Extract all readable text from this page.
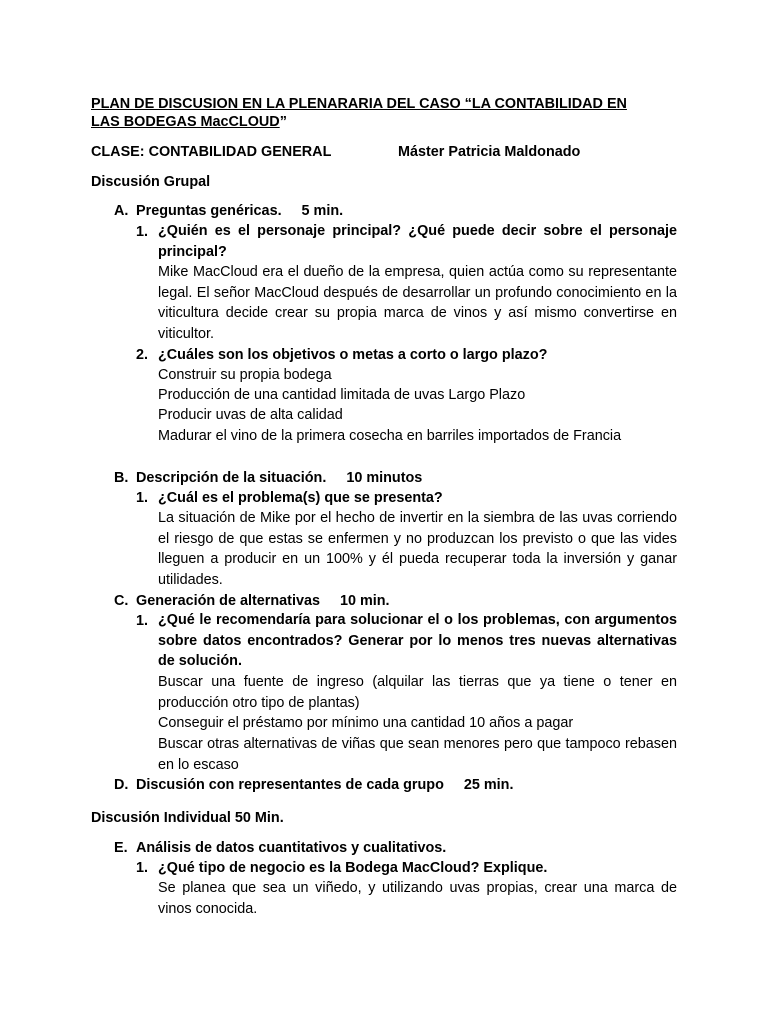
PLAN DE DISCUSION EN LA PLENARARIA DEL CASO “LA CONTABILIDAD EN
LAS BODEGAS MacCLOUD”
CLASE: CONTABILIDAD GENERAL	Máster Patricia Maldonado
Discusión Grupal
A. Preguntas genéricas.     5 min.
1. ¿Quién es el personaje principal? ¿Qué puede decir sobre el personaje principal?
Mike MacCloud era el dueño de la empresa, quien actúa como su representante legal. El señor MacCloud después de desarrollar un profundo conocimiento en la viticultura decide crear su propia marca de vinos y así mismo convertirse en viticultor.
2. ¿Cuáles son los objetivos o metas a corto o largo plazo?
Construir su propia bodega
Producción de una cantidad limitada de uvas Largo Plazo
Producir uvas de alta calidad
Madurar el vino de la primera cosecha en barriles importados de Francia
B. Descripción de la situación.     10 minutos
1. ¿Cuál es el problema(s) que se presenta?
La situación de Mike por el hecho de invertir en la siembra de las uvas corriendo el riesgo de que estas se enfermen y no produzcan los previsto o que las vides lleguen a producir en un 100% y él pueda recuperar toda la inversión y ganar utilidades.
C. Generación de alternativas     10 min.
1. ¿Qué le recomendaría para solucionar el o los problemas, con argumentos sobre datos encontrados? Generar por lo menos tres nuevas alternativas de solución.
Buscar una fuente de ingreso (alquilar las tierras que ya tiene o tener en producción otro tipo de plantas)
Conseguir el préstamo por mínimo una cantidad 10 años a pagar
Buscar otras alternativas de viñas que sean menores pero que tampoco rebasen en lo escaso
D. Discusión con representantes de cada grupo     25 min.
Discusión Individual 50 Min.
E. Análisis de datos cuantitativos y cualitativos.
1. ¿Qué tipo de negocio es la Bodega MacCloud? Explique.
Se planea que sea un viñedo, y utilizando uvas propias, crear una marca de vinos conocida.
